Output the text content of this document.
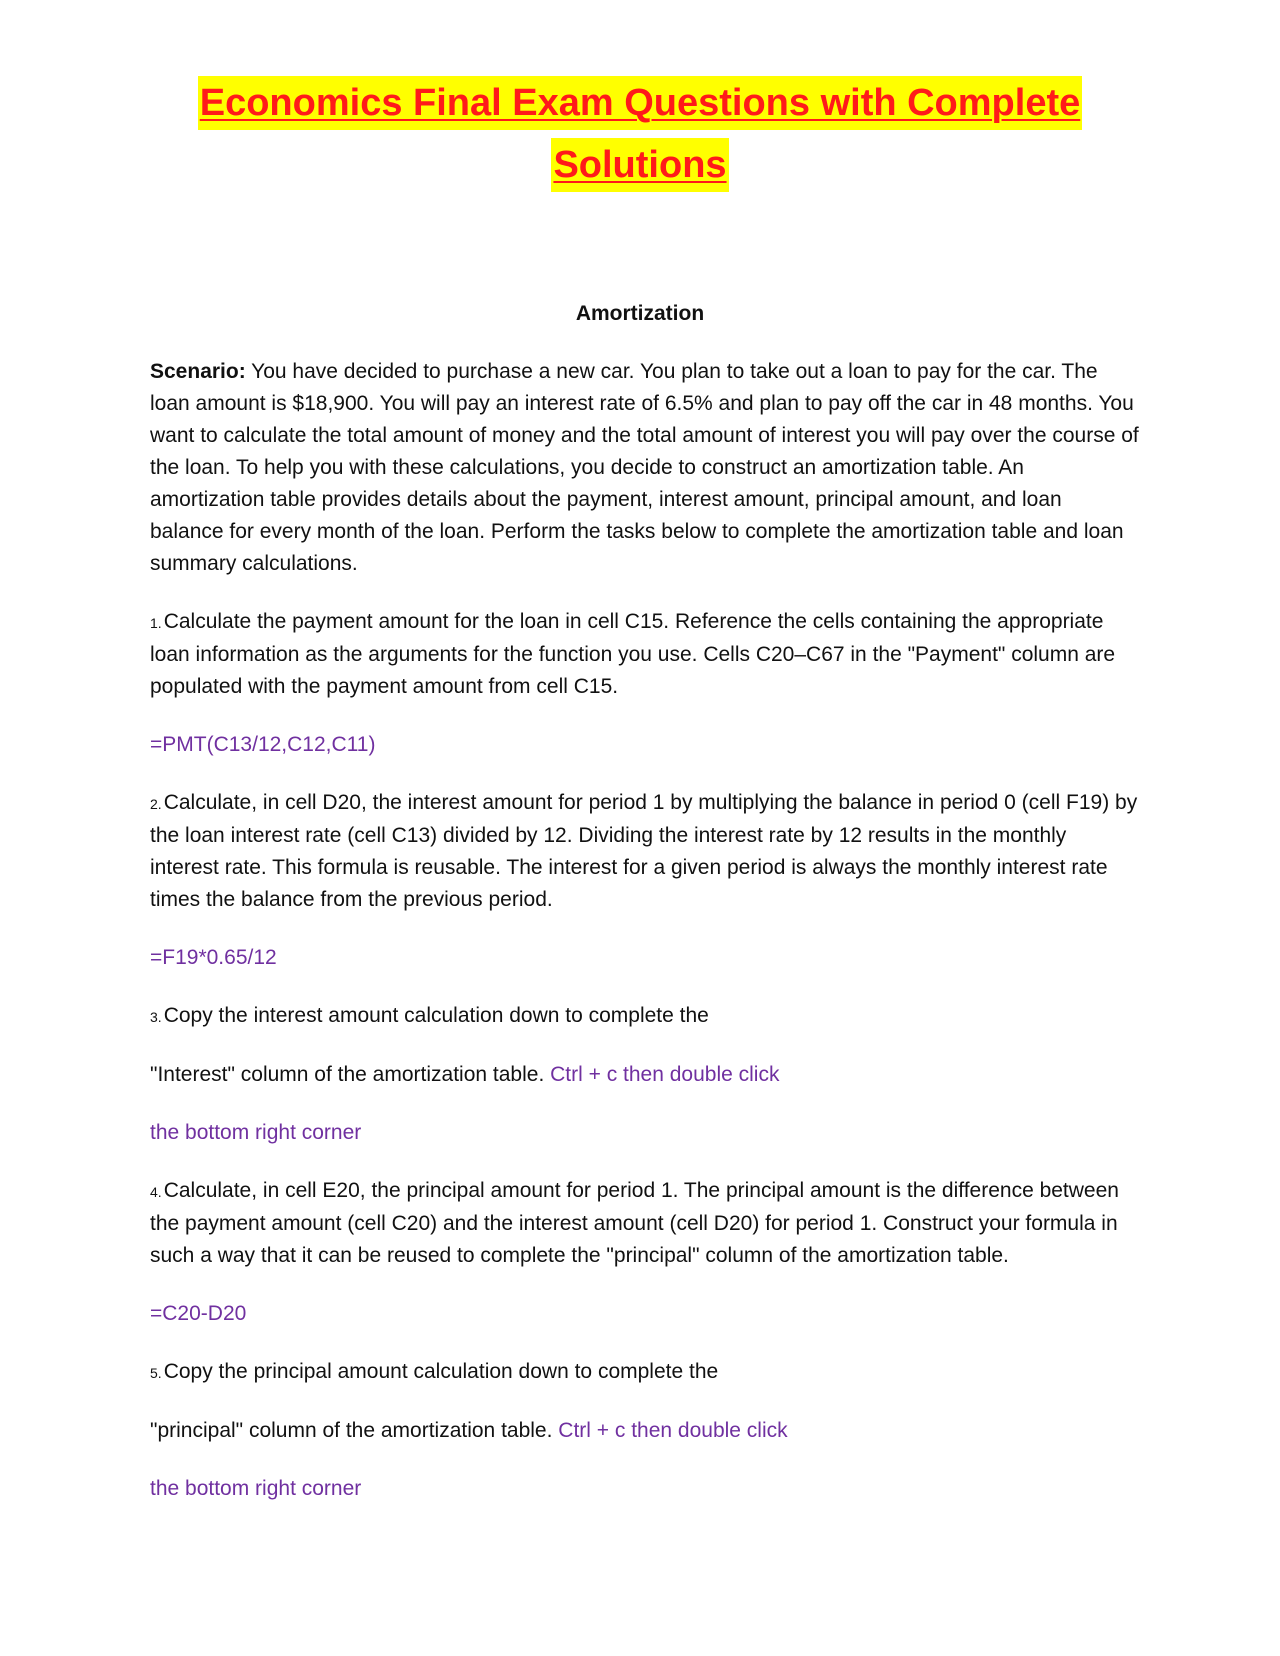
Economics Final Exam Questions with Complete
Solutions
Amortization

Scenario: You have decided to purchase a new car. You plan to take out a loan to pay for the car. The loan amount is $18,900. You will pay an interest rate of 6.5% and plan to pay off the car in 48 months. You want to calculate the total amount of money and the total amount of interest you will pay over the course of the loan. To help you with these calculations, you decide to construct an amortization table. An amortization table provides details about the payment, interest amount, principal amount, and loan balance for every month of the loan. Perform the tasks below to complete the amortization table and loan summary calculations.

1.Calculate the payment amount for the loan in cell C15. Reference the cells containing the appropriate loan information as the arguments for the function you use. Cells C20–C67 in the "Payment" column are populated with the payment amount from cell C15.

=PMT(C13/12,C12,C11)

2.Calculate, in cell D20, the interest amount for period 1 by multiplying the balance in period 0 (cell F19) by the loan interest rate (cell C13) divided by 12. Dividing the interest rate by 12 results in the monthly interest rate. This formula is reusable. The interest for a given period is always the monthly interest rate times the balance from the previous period.

=F19*0.65/12

3.Copy the interest amount calculation down to complete the

"Interest" column of the amortization table. Ctrl + c then double click

the bottom right corner

4.Calculate, in cell E20, the principal amount for period 1. The principal amount is the difference between the payment amount (cell C20) and the interest amount (cell D20) for period 1. Construct your formula in such a way that it can be reused to complete the "principal" column of the amortization table.

=C20-D20

5.Copy the principal amount calculation down to complete the

"principal" column of the amortization table. Ctrl + c then double click

the bottom right corner
